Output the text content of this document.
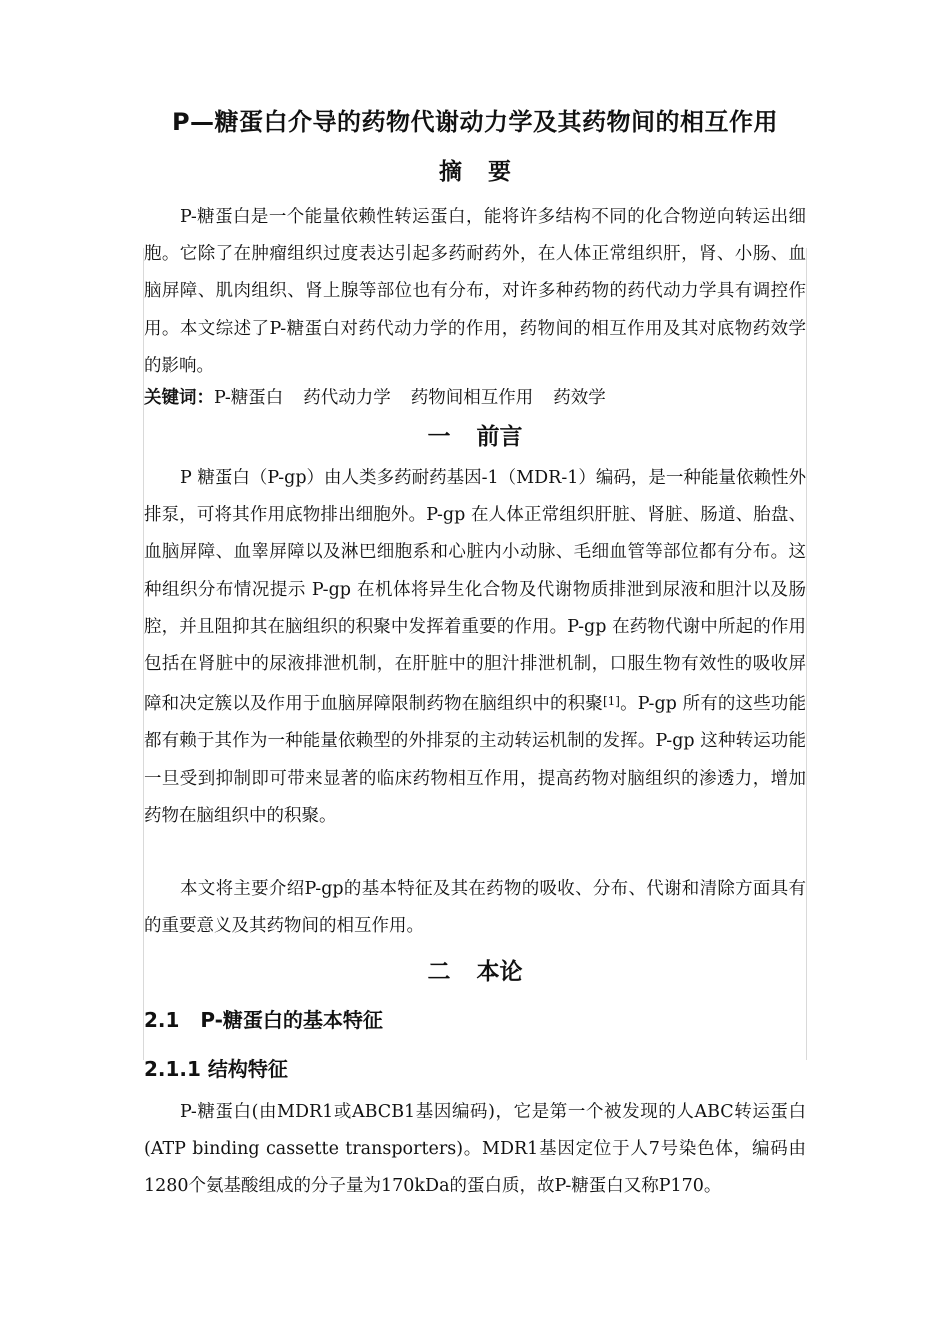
P—糖蛋白介导的药物代谢动力学及其药物间的相互作用
摘 要

P-糖蛋白是一个能量依赖性转运蛋白，能将许多结构不同的化合物逆向转运出细胞。它除了在肿瘤组织过度表达引起多药耐药外，在人体正常组织肝，肾、小肠、血脑屏障、肌肉组织、肾上腺等部位也有分布，对许多种药物的药代动力学具有调控作用。本文综述了P-糖蛋白对药代动力学的作用，药物间的相互作用及其对底物药效学的影响。

关键词：P-糖蛋白 药代动力学 药物间相互作用 药效学
一 前言

P 糖蛋白（P-gp）由人类多药耐药基因-1（MDR-1）编码，是一种能量依赖性外排泵，可将其作用底物排出细胞外。P-gp 在人体正常组织肝脏、肾脏、肠道、胎盘、血脑屏障、血睾屏障以及淋巴细胞系和心脏内小动脉、毛细血管等部位都有分布。这种组织分布情况提示 P-gp 在机体将异生化合物及代谢物质排泄到尿液和胆汁以及肠腔，并且阻抑其在脑组织的积聚中发挥着重要的作用。P-gp 在药物代谢中所起的作用包括在肾脏中的尿液排泄机制，在肝脏中的胆汁排泄机制，口服生物有效性的吸收屏障和决定簇以及作用于血脑屏障限制药物在脑组织中的积聚[1]。P-gp 所有的这些功能都有赖于其作为一种能量依赖型的外排泵的主动转运机制的发挥。P-gp 这种转运功能一旦受到抑制即可带来显著的临床药物相互作用，提高药物对脑组织的渗透力，增加药物在脑组织中的积聚。

本文将主要介绍P-gp的基本特征及其在药物的吸收、分布、代谢和清除方面具有的重要意义及其药物间的相互作用。

二 本论
2.1   P-糖蛋白的基本特征
2.1.1 结构特征

P-糖蛋白(由MDR1或ABCB1基因编码)，它是第一个被发现的人ABC转运蛋白(ATP binding cassette transporters)。MDR1基因定位于人7号染色体，编码由1280个氨基酸组成的分子量为170kDa的蛋白质，故P-糖蛋白又称P170。
